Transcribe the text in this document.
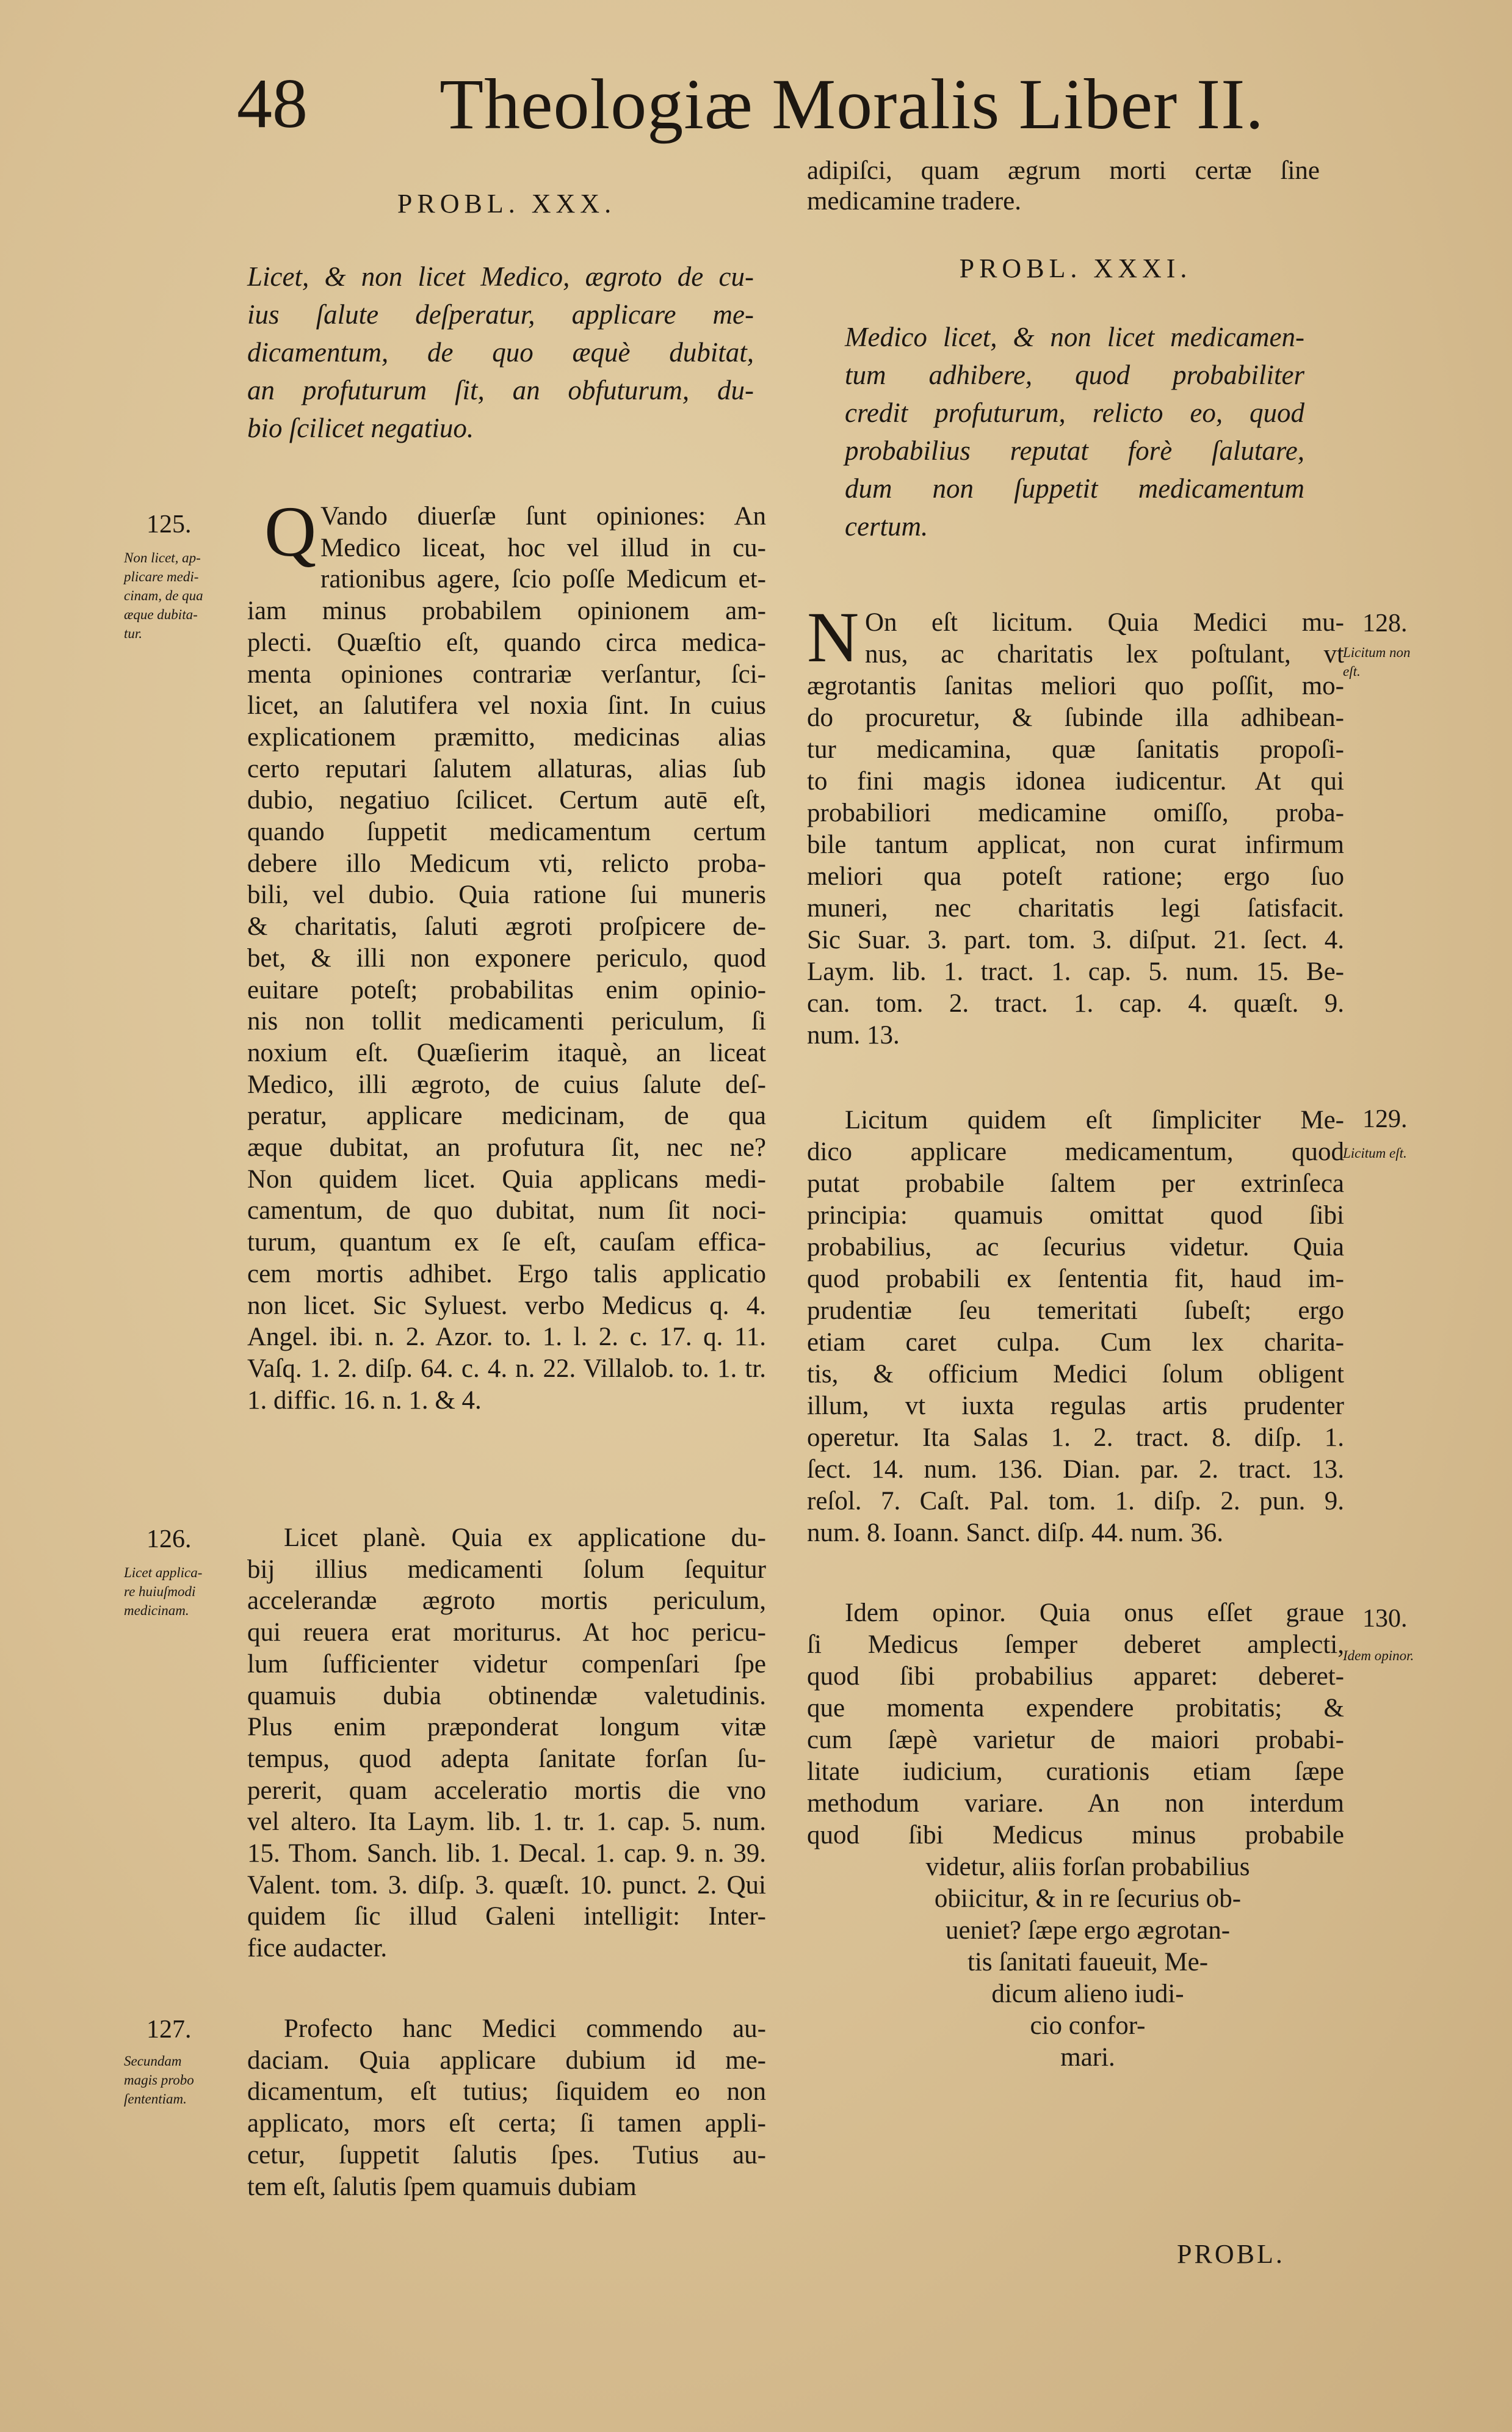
48 Theologiæ Moralis Liber II.
PROBL. XXX.
Licet, & non licet Medico, ægroto de cu-
ius ſalute deſperatur, applicare me-
dicamentum, de quo æquè dubitat,
an profuturum ſit, an obfuturum, du-
bio ſcilicet negatiuo.
Q Vando diuerſæ ſunt opiniones: An
Medico liceat, hoc vel illud in cu-
rationibus agere, ſcio poſſe Medicum et-
iam minus probabilem opinionem am-
plecti. Quæſtio eſt, quando circa medica-
menta opiniones contrariæ verſantur, ſci-
licet, an ſalutifera vel noxia ſint. In cuius
explicationem præmitto, medicinas alias
certo reputari ſalutem allaturas, alias ſub
dubio, negatiuo ſcilicet. Certum autē eſt,
quando ſuppetit medicamentum certum
debere illo Medicum vti, relicto proba-
bili, vel dubio. Quia ratione ſui muneris
& charitatis, ſaluti ægroti proſpicere de-
bet, & illi non exponere periculo, quod
euitare poteſt; probabilitas enim opinio-
nis non tollit medicamenti periculum, ſi
noxium eſt. Quæſierim itaquè, an liceat
Medico, illi ægroto, de cuius ſalute deſ-
peratur, applicare medicinam, de qua
æque dubitat, an profutura ſit, nec ne?
Non quidem licet. Quia applicans medi-
camentum, de quo dubitat, num ſit noci-
turum, quantum ex ſe eſt, cauſam effica-
cem mortis adhibet. Ergo talis applicatio
non licet. Sic Syluest. verbo Medicus q. 4.
Angel. ibi. n. 2. Azor. to. 1. l. 2. c. 17. q. 11.
Vaſq. 1. 2. diſp. 64. c. 4. n. 22. Villalob. to. 1. tr.
1. diffic. 16. n. 1. & 4.
Licet planè. Quia ex applicatione du-
bij illius medicamenti ſolum ſequitur
accelerandæ ægroto mortis periculum,
qui reuera erat moriturus. At hoc pericu-
lum ſufficienter videtur compenſari ſpe
quamuis dubia obtinendæ valetudinis.
Plus enim præponderat longum vitæ
tempus, quod adepta ſanitate forſan ſu-
pererit, quam acceleratio mortis die vno
vel altero. Ita Laym. lib. 1. tr. 1. cap. 5. num.
15. Thom. Sanch. lib. 1. Decal. 1. cap. 9. n. 39.
Valent. tom. 3. diſp. 3. quæſt. 10. punct. 2. Qui
quidem ſic illud Galeni intelligit: Inter-
fice audacter.
Profecto hanc Medici commendo au-
daciam. Quia applicare dubium id me-
dicamentum, eſt tutius; ſiquidem eo non
applicato, mors eſt certa; ſi tamen appli-
cetur, ſuppetit ſalutis ſpes. Tutius au-
tem eſt, ſalutis ſpem quamuis dubiam
adipiſci, quam ægrum morti certæ ſine
medicamine tradere.
PROBL. XXXI.
Medico licet, & non licet medicamen-
tum adhibere, quod probabiliter
credit profuturum, relicto eo, quod
probabilius reputat forè ſalutare,
dum non ſuppetit medicamentum
certum.
N On eſt licitum. Quia Medici mu-
nus, ac charitatis lex poſtulant, vt
ægrotantis ſanitas meliori quo poſſit, mo-
do procuretur, & ſubinde illa adhibean-
tur medicamina, quæ ſanitatis propoſi-
to fini magis idonea iudicentur. At qui
probabiliori medicamine omiſſo, proba-
bile tantum applicat, non curat infirmum
meliori qua poteſt ratione; ergo ſuo
muneri, nec charitatis legi ſatisfacit.
Sic Suar. 3. part. tom. 3. diſput. 21. ſect. 4.
Laym. lib. 1. tract. 1. cap. 5. num. 15. Be-
can. tom. 2. tract. 1. cap. 4. quæſt. 9.
num. 13.
Licitum quidem eſt ſimpliciter Me-
dico applicare medicamentum, quod
putat probabile ſaltem per extrinſeca
principia: quamuis omittat quod ſibi
probabilius, ac ſecurius videtur. Quia
quod probabili ex ſententia fit, haud im-
prudentiæ ſeu temeritati ſubeſt; ergo
etiam caret culpa. Cum lex charita-
tis, & officium Medici ſolum obligent
illum, vt iuxta regulas artis prudenter
operetur. Ita Salas 1. 2. tract. 8. diſp. 1.
ſect. 14. num. 136. Dian. par. 2. tract. 13.
reſol. 7. Caſt. Pal. tom. 1. diſp. 2. pun. 9.
num. 8. Ioann. Sanct. diſp. 44. num. 36.
Idem opinor. Quia onus eſſet graue
ſi Medicus ſemper deberet amplecti,
quod ſibi probabilius apparet: deberet-
que momenta expendere probitatis; &
cum ſæpè varietur de maiori probabi-
litate iudicium, curationis etiam ſæpe
methodum variare. An non interdum
quod ſibi Medicus minus probabile
videtur, aliis forſan probabilius
obiicitur, & in re ſecurius ob-
ueniet? ſæpe ergo ægrotan-
tis ſanitati faueuit, Me-
dicum alieno iudi-
cio confor-
mari.
PROBL.
125.
126.
127.
Non licet, ap-
plicare medi-
cinam, de qua
æque dubita-
tur.
Licet applica-
re huiuſmodi
medicinam.
Secundam
magis probo
ſententiam.
128.
129.
130.
Licitum non
eſt.
Licitum eſt.
Idem opinor.
